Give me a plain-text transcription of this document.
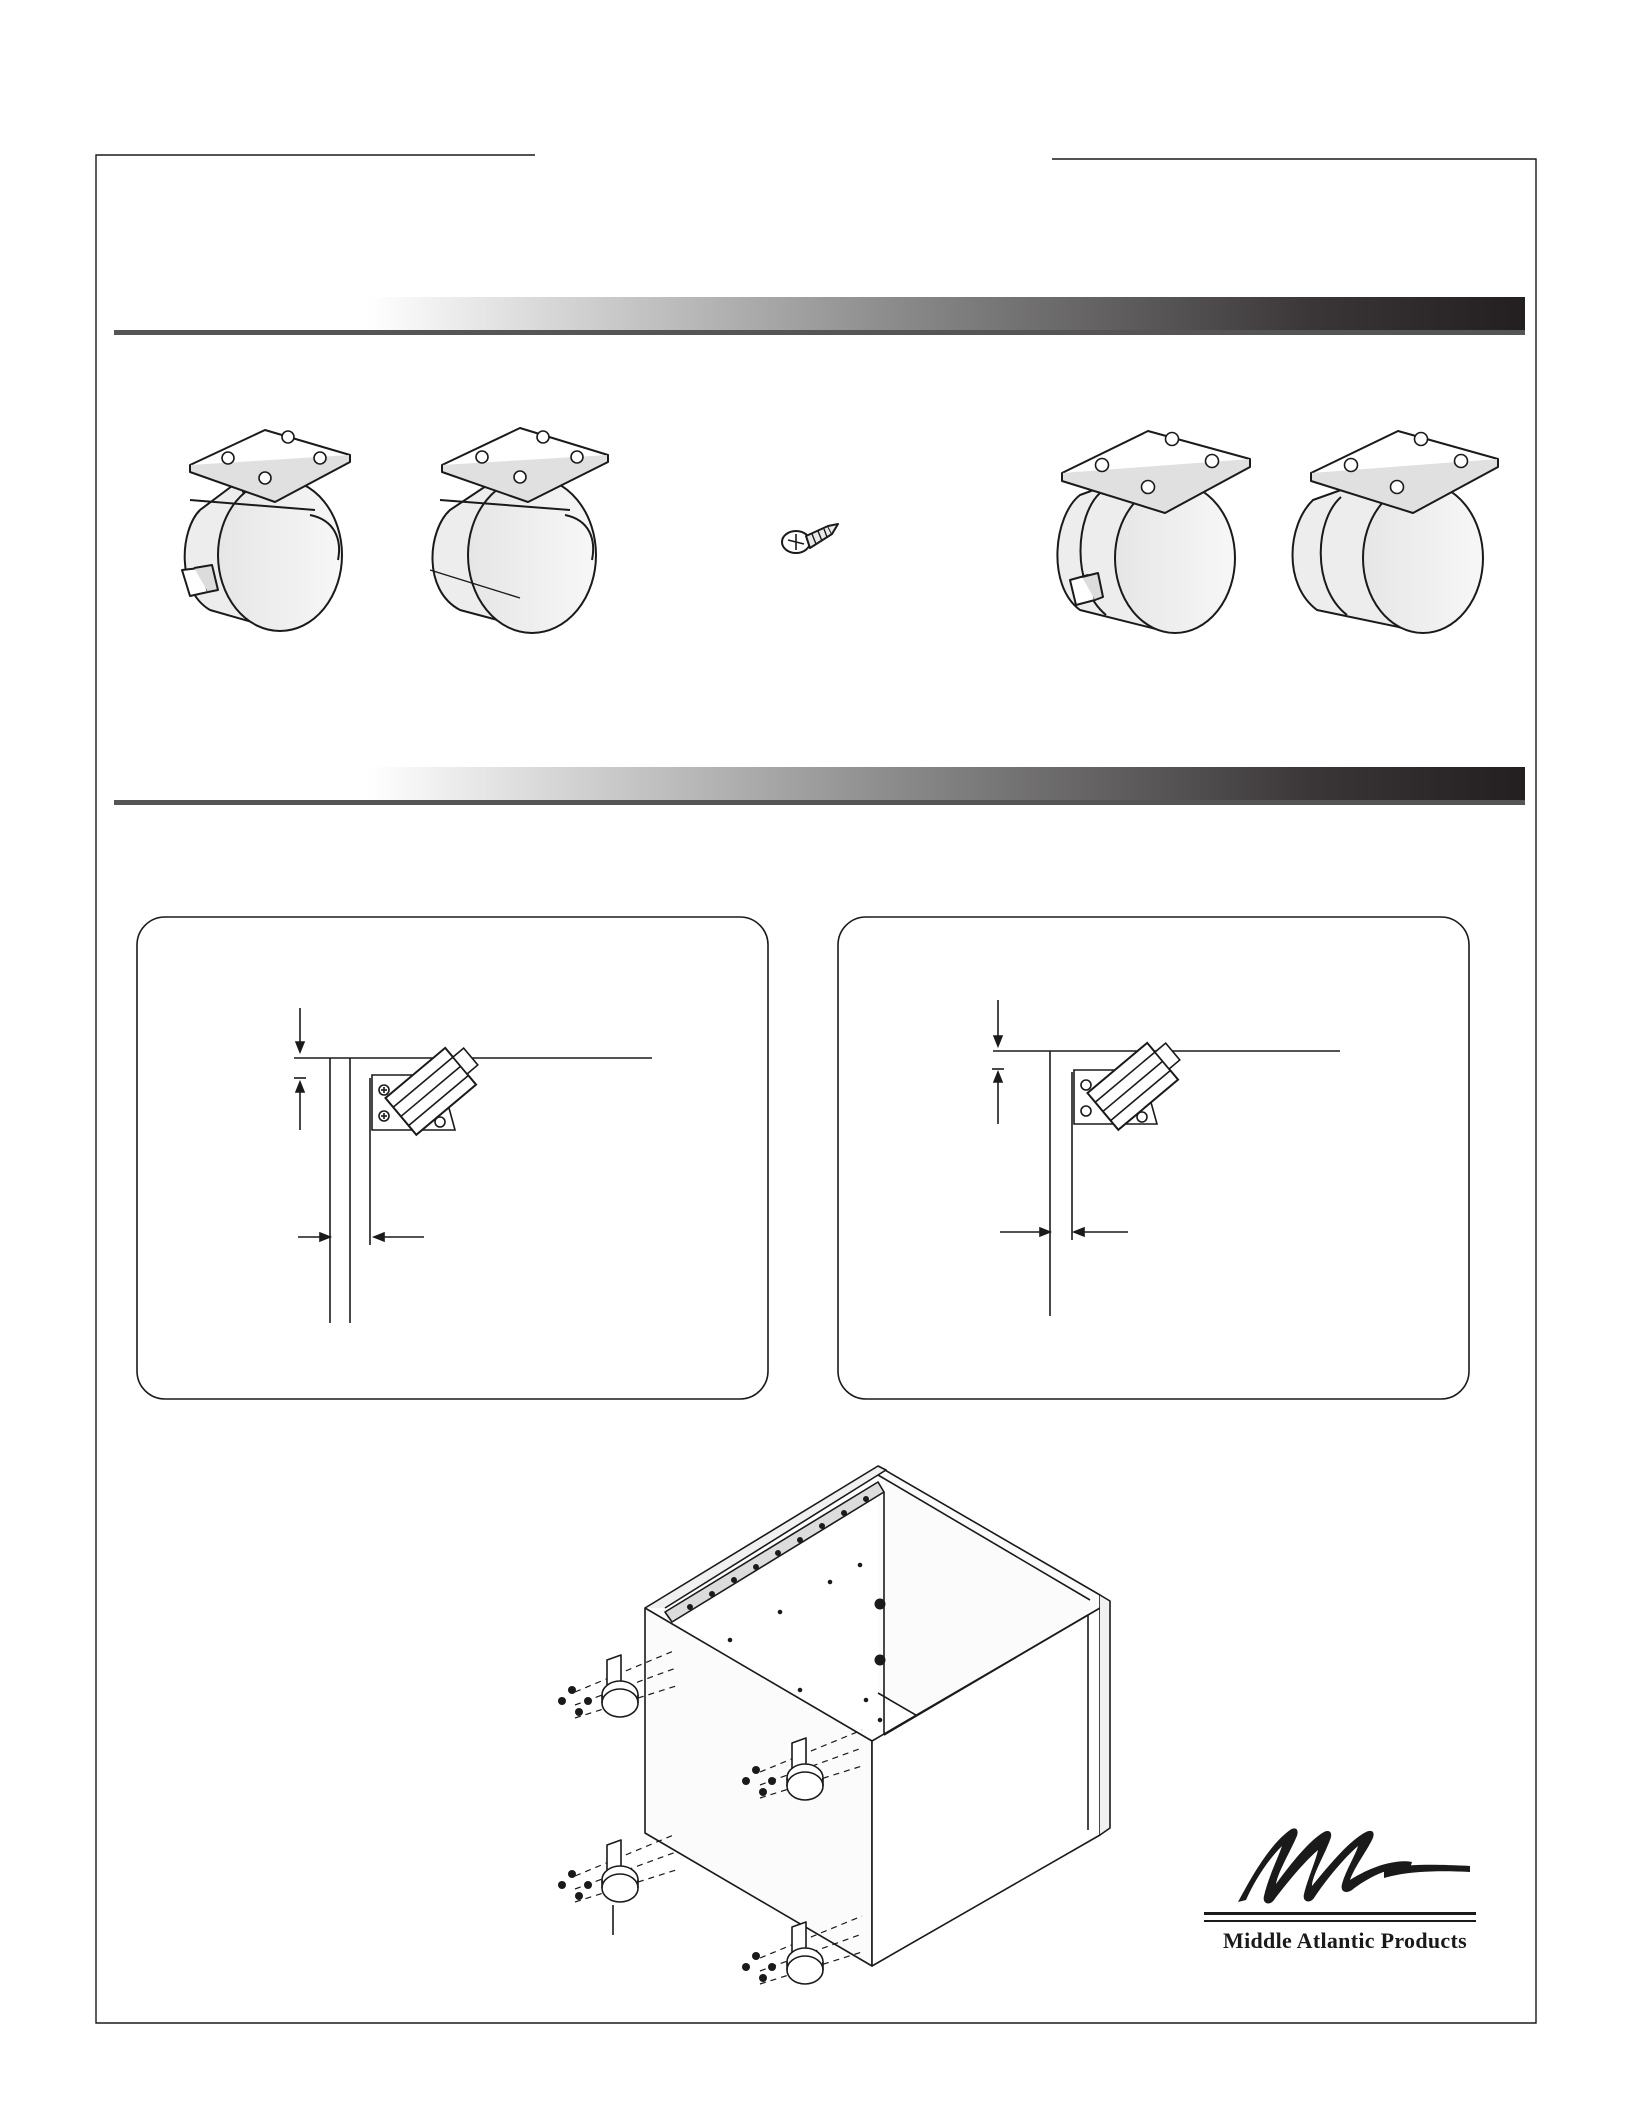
Middle Atlantic Products
